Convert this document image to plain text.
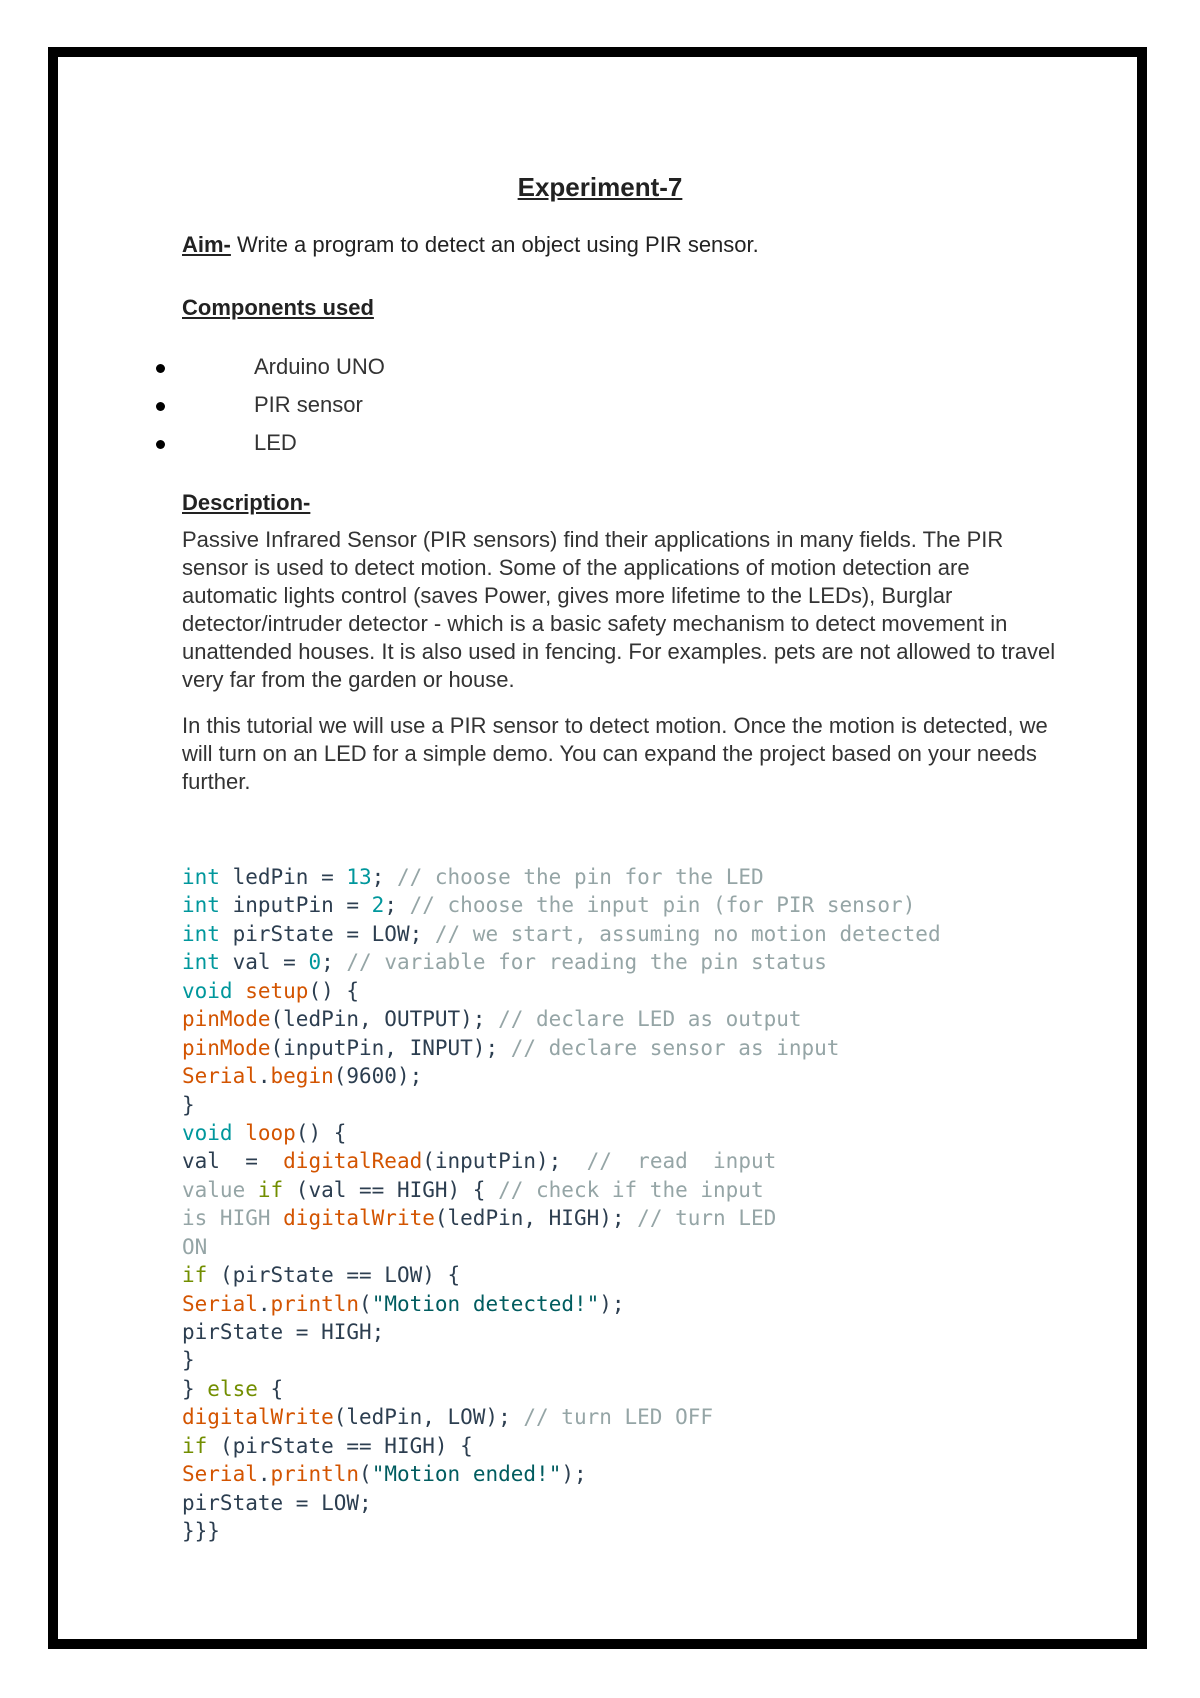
Experiment-7
Aim- Write a program to detect an object using PIR sensor.
Components used
Arduino UNO
PIR sensor
LED
Description-

Passive Infrared Sensor (PIR sensors) find their applications in many fields. The PIR sensor is used to detect motion. Some of the applications of motion detection are automatic lights control (saves Power, gives more lifetime to the LEDs), Burglar detector/intruder detector - which is a basic safety mechanism to detect movement in unattended houses. It is also used in fencing. For examples. pets are not allowed to travel very far from the garden or house.

In this tutorial we will use a PIR sensor to detect motion. Once the motion is detected, we will turn on an LED for a simple demo. You can expand the project based on your needs further.

int ledPin = 13; // choose the pin for the LED
int inputPin = 2; // choose the input pin (for PIR sensor)
int pirState = LOW; // we start, assuming no motion detected
int val = 0; // variable for reading the pin status
void setup() {
pinMode(ledPin, OUTPUT); // declare LED as output
pinMode(inputPin, INPUT); // declare sensor as input
Serial.begin(9600);
}
void loop() {
val  =  digitalRead(inputPin);  //  read  input
value if (val == HIGH) { // check if the input
is HIGH digitalWrite(ledPin, HIGH); // turn LED
ON
if (pirState == LOW) {
Serial.println("Motion detected!");
pirState = HIGH;
}
} else {
digitalWrite(ledPin, LOW); // turn LED OFF
if (pirState == HIGH) {
Serial.println("Motion ended!");
pirState = LOW;
}}}
